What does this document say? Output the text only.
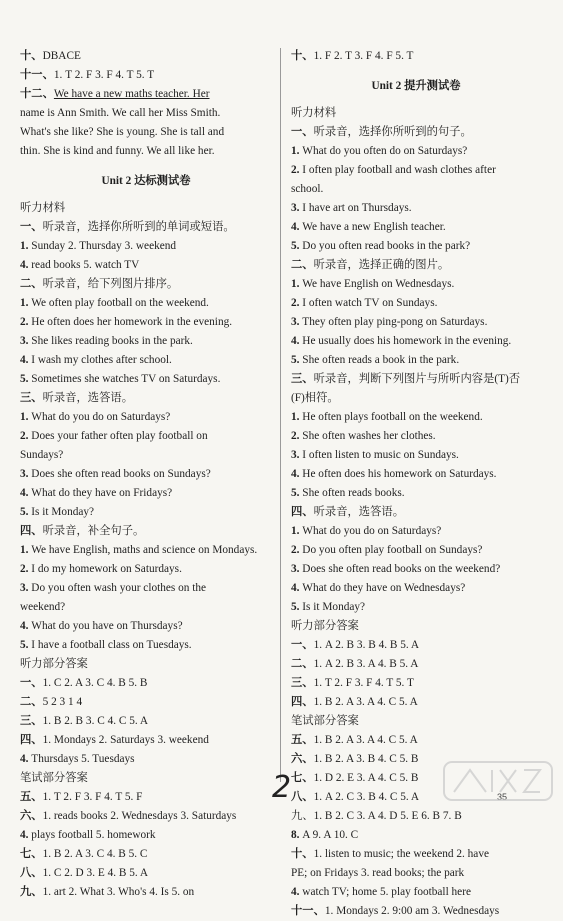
十、DBACE
十一、1. T 2. F 3. F 4. T 5. T
十二、We have a new maths teacher. Her
name is Ann Smith. We call her Miss Smith.
What's she like? She is young. She is tall and
thin. She is kind and funny. We all like her.
Unit 2 达标测试卷
听力材料
一、听录音，选择你所听到的单词或短语。
1. Sunday 2. Thursday 3. weekend
4. read books 5. watch TV
二、听录音，给下列图片排序。
1. We often play football on the weekend.
2. He often does her homework in the evening.
3. She likes reading books in the park.
4. I wash my clothes after school.
5. Sometimes she watches TV on Saturdays.
三、听录音，选答语。
1. What do you do on Saturdays?
2. Does your father often play football on
Sundays?
3. Does she often read books on Sundays?
4. What do they have on Fridays?
5. Is it Monday?
四、听录音，补全句子。
1. We have English, maths and science on Mondays.
2. I do my homework on Saturdays.
3. Do you often wash your clothes on the
weekend?
4. What do you have on Thursdays?
5. I have a football class on Tuesdays.
听力部分答案
一、1. C 2. A 3. C 4. B 5. B
二、5 2 3 1 4
三、1. B 2. B 3. C 4. C 5. A
四、1. Mondays 2. Saturdays 3. weekend
4. Thursdays 5. Tuesdays
笔试部分答案
五、1. T 2. F 3. F 4. T 5. F
六、1. reads books 2. Wednesdays 3. Saturdays
4. plays football 5. homework
七、1. B 2. A 3. C 4. B 5. C
八、1. C 2. D 3. E 4. B 5. A
九、1. art 2. What 3. Who's 4. Is 5. on
十、1. F 2. T 3. F 4. F 5. T
Unit 2 提升测试卷
听力材料
一、听录音，选择你所听到的句子。
1. What do you often do on Saturdays?
2. I often play football and wash clothes after
school.
3. I have art on Thursdays.
4. We have a new English teacher.
5. Do you often read books in the park?
二、听录音，选择正确的图片。
1. We have English on Wednesdays.
2. I often watch TV on Sundays.
3. They often play ping-pong on Saturdays.
4. He usually does his homework in the evening.
5. She often reads a book in the park.
三、听录音，判断下列图片与所听内容是(T)否
(F)相符。
1. He often plays football on the weekend.
2. She often washes her clothes.
3. I often listen to music on Sundays.
4. He often does his homework on Saturdays.
5. She often reads books.
四、听录音，选答语。
1. What do you do on Saturdays?
2. Do you often play football on Sundays?
3. Does she often read books on the weekend?
4. What do they have on Wednesdays?
5. Is it Monday?
听力部分答案
一、1. A 2. B 3. B 4. B 5. A
二、1. A 2. B 3. A 4. B 5. A
三、1. T 2. F 3. F 4. T 5. T
四、1. B 2. A 3. A 4. C 5. A
笔试部分答案
五、1. B 2. A 3. A 4. C 5. A
六、1. B 2. A 3. B 4. C 5. B
七、1. D 2. E 3. A 4. C 5. B
八、1. A 2. C 3. B 4. C 5. A
九、1. B 2. C 3. A 4. D 5. E 6. B 7. B
8. A 9. A 10. C
十、1. listen to music; the weekend 2. have
PE; on Fridays 3. read books; the park
4. watch TV; home 5. play football here
十一、1. Mondays 2. 9:00 am 3. Wednesdays
2	35
